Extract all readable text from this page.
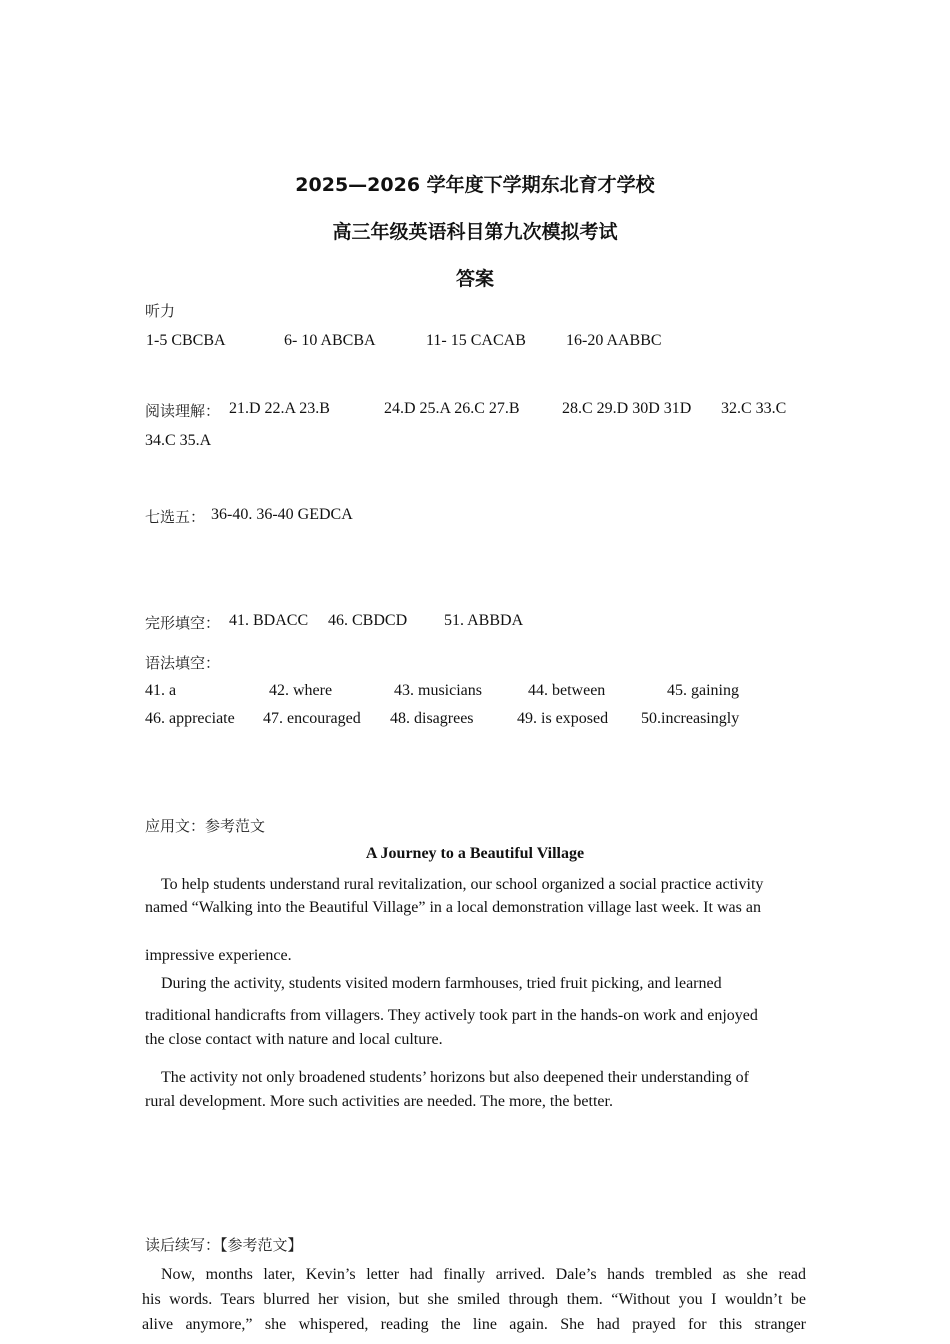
2025—2026 学年度下学期东北育才学校
高三年级英语科目第九次模拟考试
答案
听力
1-5 CBCBA	6- 10 ABCBA	11- 15 CACAB	16-20 AABBC
阅读理解： 21.D 22.A 23.B	24.D 25.A 26.C 27.B	28.C 29.D 30D 31D 32.C 33.C
34.C 35.A
七选五： 36-40. 36-40 GEDCA
完形填空： 41. BDACC 46. CBDCD 51. ABBDA
语法填空：
41. a	42. where	43. musicians	44. between	45. gaining
46. appreciate 47. encouraged 48. disagrees	49. is exposed 50.increasingly
应用文：参考范文
A Journey to a Beautiful Village
To help students understand rural revitalization, our school organized a social practice activity
named “Walking into the Beautiful Village” in a local demonstration village last week. It was an
impressive experience.
During the activity, students visited modern farmhouses, tried fruit picking, and learned
traditional handicrafts from villagers. They actively took part in the hands-on work and enjoyed
the close contact with nature and local culture.
The activity not only broadened students’ horizons but also deepened their understanding of
rural development. More such activities are needed. The more, the better.
读后续写：【参考范文】
Now, months later, Kevin’s letter had finally arrived. Dale’s hands trembled as she read
his words. Tears blurred her vision, but she smiled through them. “Without you I wouldn’t be
alive anymore,” she whispered, reading the line again. She had prayed for this stranger
